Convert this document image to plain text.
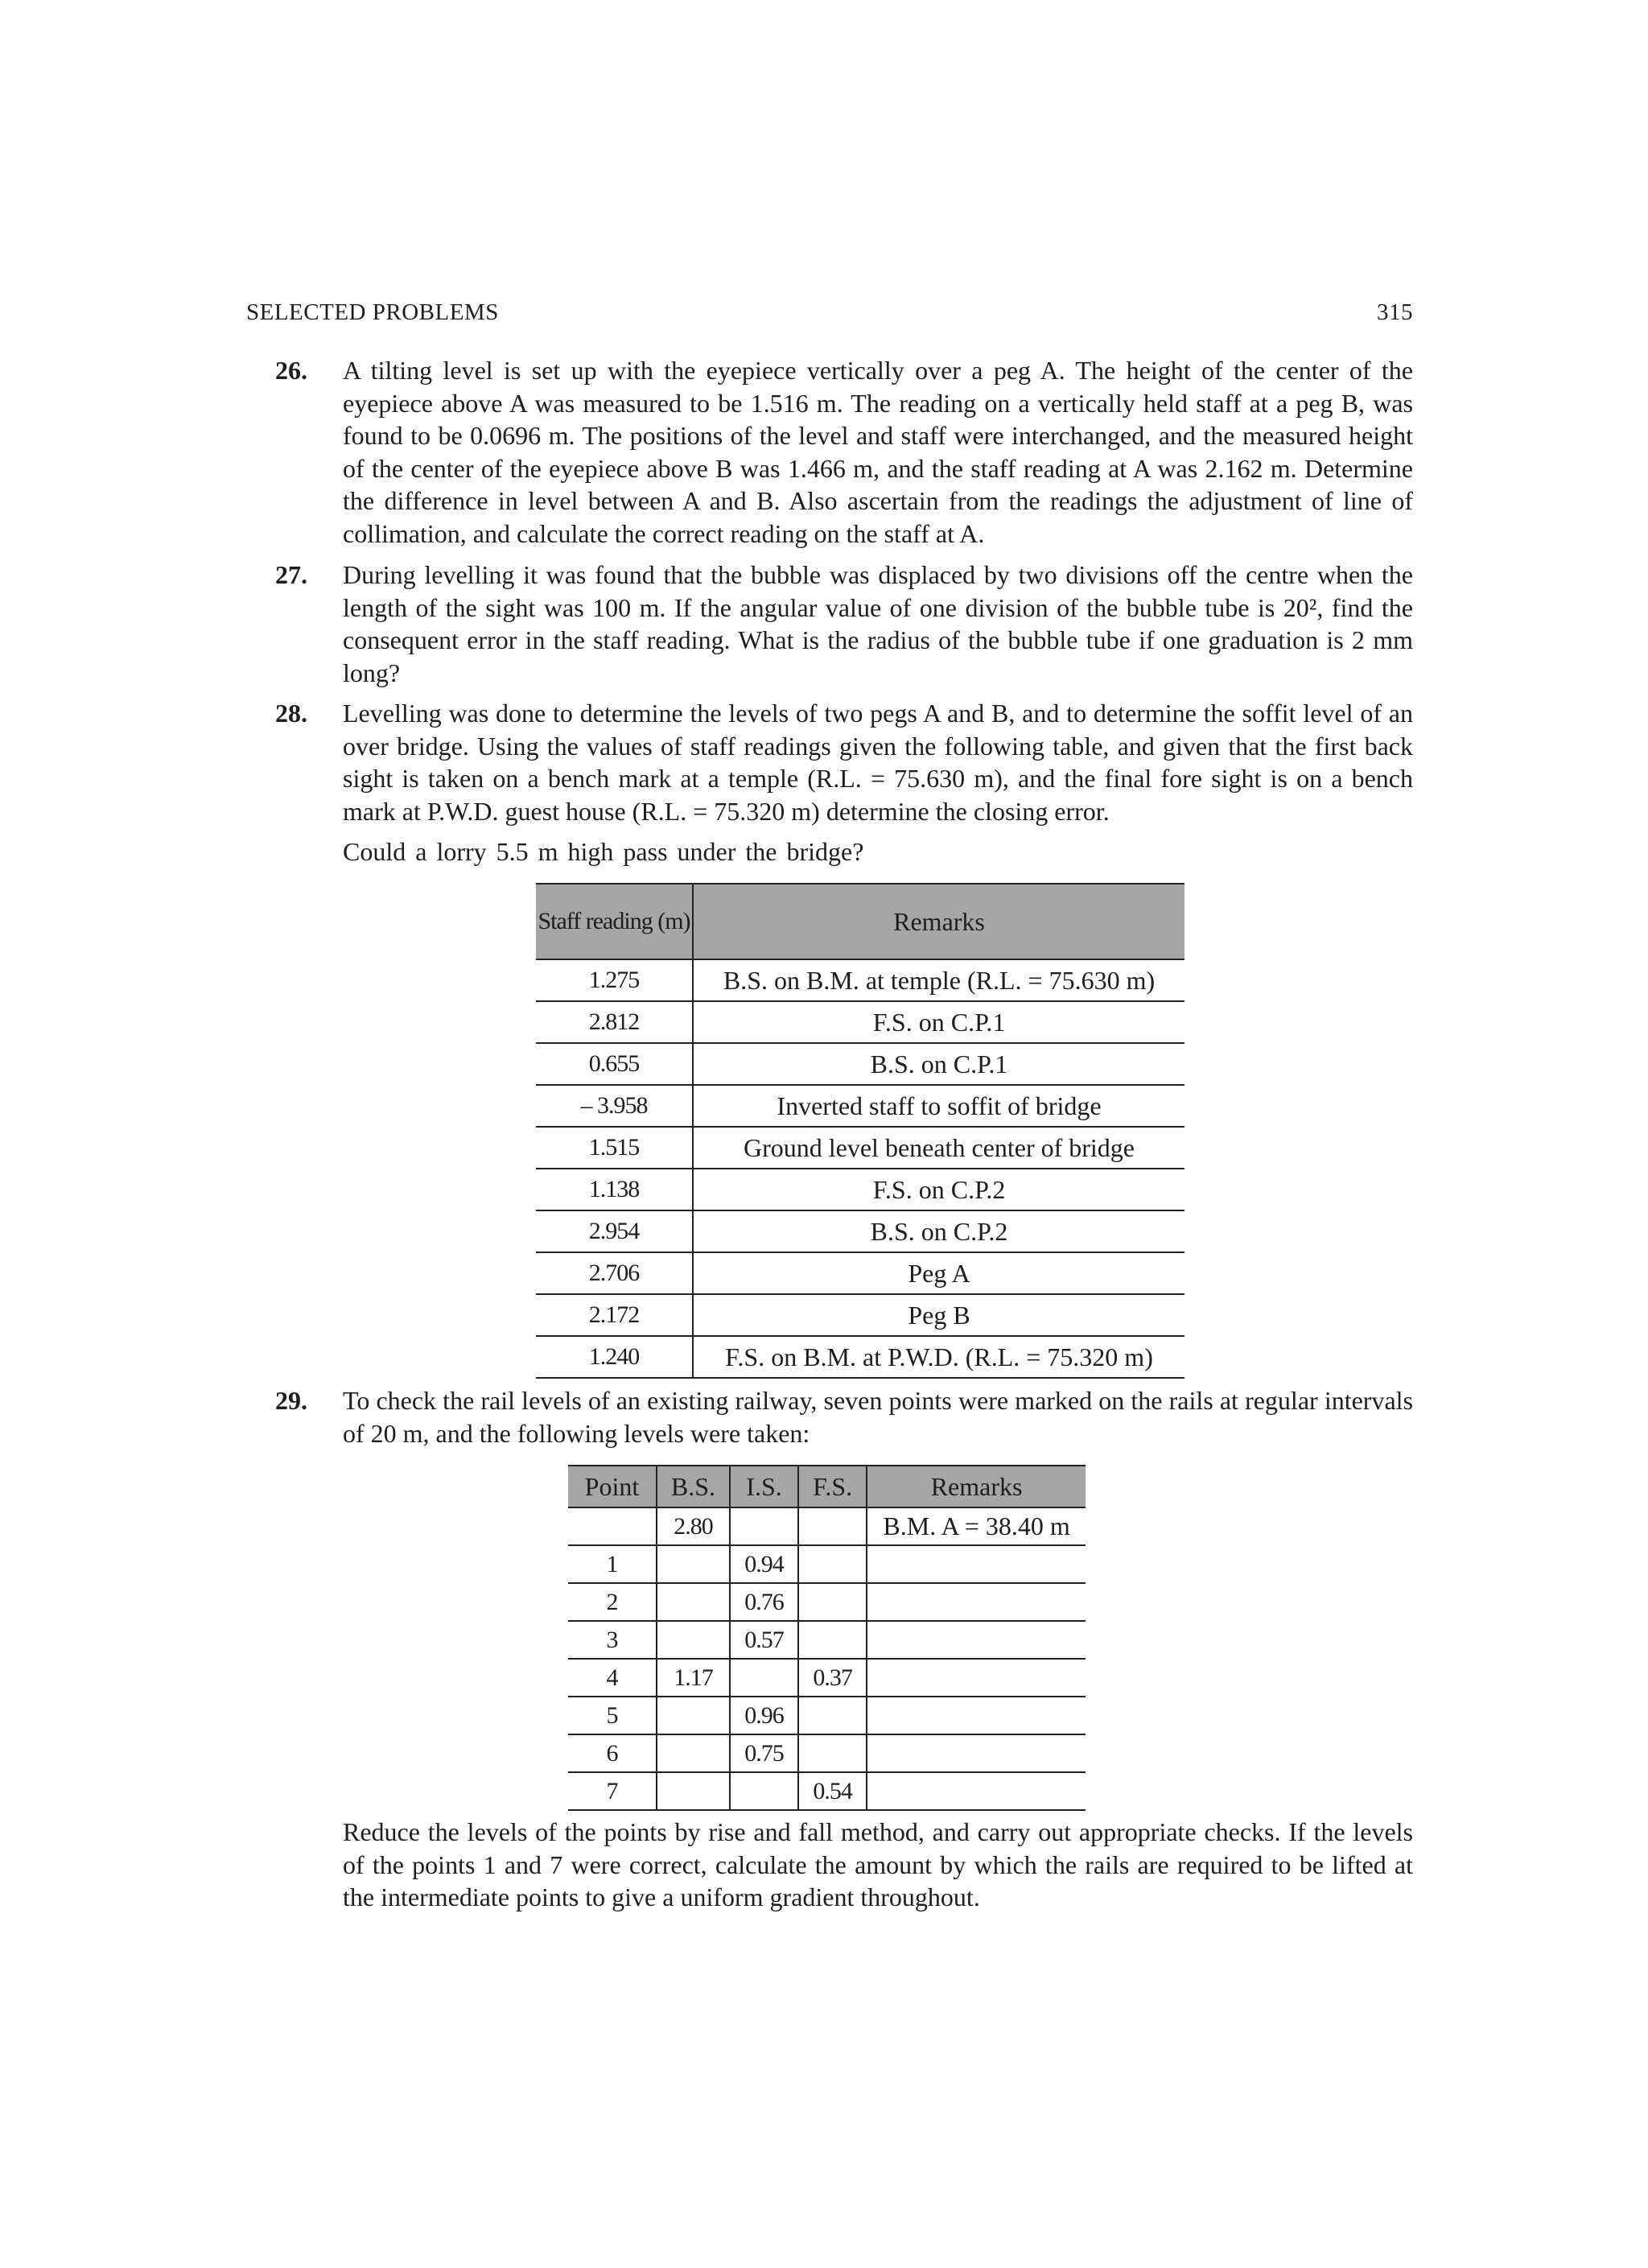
SELECTED PROBLEMS	315
26. A tilting level is set up with the eyepiece vertically over a peg A. The height of the center of the eyepiece above A was measured to be 1.516 m. The reading on a vertically held staff at a peg B, was found to be 0.0696 m. The positions of the level and staff were interchanged, and the measured height of the center of the eyepiece above B was 1.466 m, and the staff reading at A was 2.162 m. Determine the difference in level between A and B. Also ascertain from the readings the adjustment of line of collimation, and calculate the correct reading on the staff at A.

27. During levelling it was found that the bubble was displaced by two divisions off the centre when the length of the sight was 100 m. If the angular value of one division of the bubble tube is 20², find the consequent error in the staff reading. What is the radius of the bubble tube if one graduation is 2 mm long?

28. Levelling was done to determine the levels of two pegs A and B, and to determine the soffit level of an over bridge. Using the values of staff readings given the following table, and given that the first back sight is taken on a bench mark at a temple (R.L. = 75.630 m), and the final fore sight is on a bench mark at P.W.D. guest house (R.L. = 75.320 m) determine the closing error.

Could a lorry 5.5 m high pass under the bridge?
Staff reading (m)	Remarks
1.275	B.S. on B.M. at temple (R.L. = 75.630 m)
2.812	F.S. on C.P.1
0.655	B.S. on C.P.1
– 3.958	Inverted staff to soffit of bridge
1.515	Ground level beneath center of bridge
1.138	F.S. on C.P.2
2.954	B.S. on C.P.2
2.706	Peg A
2.172	Peg B
1.240	F.S. on B.M. at P.W.D. (R.L. = 75.320 m)
29. To check the rail levels of an existing railway, seven points were marked on the rails at regular intervals of 20 m, and the following levels were taken:

Point	B.S.	I.S.	F.S.	Remarks
	2.80			B.M. A = 38.40 m
1		0.94		
2		0.76		
3		0.57		
4	1.17		0.37	
5		0.96		
6		0.75		
7			0.54	
Reduce the levels of the points by rise and fall method, and carry out appropriate checks. If the levels of the points 1 and 7 were correct, calculate the amount by which the rails are required to be lifted at the intermediate points to give a uniform gradient throughout.
